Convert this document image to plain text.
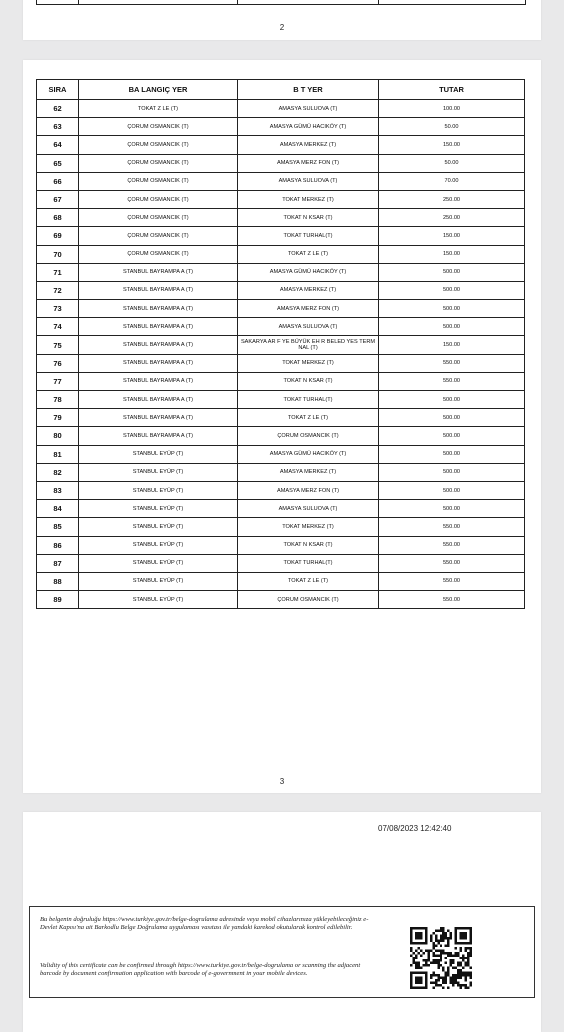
2
SIRA	BA LANGIÇ YER	B T YER	TUTAR
62	TOKAT Z LE (T)	AMASYA SULUOVA (T)	100.00
63	ÇORUM OSMANCIK (T)	AMASYA GÜMÜ HACIKÖY (T)	50.00
64	ÇORUM OSMANCIK (T)	AMASYA MERKEZ (T)	150.00
65	ÇORUM OSMANCIK (T)	AMASYA MERZ FON (T)	50.00
66	ÇORUM OSMANCIK (T)	AMASYA SULUOVA (T)	70.00
67	ÇORUM OSMANCIK (T)	TOKAT MERKEZ (T)	250.00
68	ÇORUM OSMANCIK (T)	TOKAT N KSAR (T)	250.00
69	ÇORUM OSMANCIK (T)	TOKAT TURHAL(T)	150.00
70	ÇORUM OSMANCIK (T)	TOKAT Z LE (T)	150.00
71	STANBUL BAYRAMPA A (T)	AMASYA GÜMÜ HACIKÖY (T)	500.00
72	STANBUL BAYRAMPA A (T)	AMASYA MERKEZ (T)	500.00
73	STANBUL BAYRAMPA A (T)	AMASYA MERZ FON (T)	500.00
74	STANBUL BAYRAMPA A (T)	AMASYA SULUOVA (T)	500.00
75	STANBUL BAYRAMPA A (T)	SAKARYA AR F YE BÜYÜK EH R BELED YES TERM NAL (T)	150.00
76	STANBUL BAYRAMPA A (T)	TOKAT MERKEZ (T)	550.00
77	STANBUL BAYRAMPA A (T)	TOKAT N KSAR (T)	550.00
78	STANBUL BAYRAMPA A (T)	TOKAT TURHAL(T)	500.00
79	STANBUL BAYRAMPA A (T)	TOKAT Z LE (T)	500.00
80	STANBUL BAYRAMPA A (T)	ÇORUM OSMANCIK (T)	500.00
81	STANBUL EYÜP (T)	AMASYA GÜMÜ HACIKÖY (T)	500.00
82	STANBUL EYÜP (T)	AMASYA MERKEZ (T)	500.00
83	STANBUL EYÜP (T)	AMASYA MERZ FON (T)	500.00
84	STANBUL EYÜP (T)	AMASYA SULUOVA (T)	500.00
85	STANBUL EYÜP (T)	TOKAT MERKEZ (T)	550.00
86	STANBUL EYÜP (T)	TOKAT N KSAR (T)	550.00
87	STANBUL EYÜP (T)	TOKAT TURHAL(T)	550.00
88	STANBUL EYÜP (T)	TOKAT Z LE (T)	550.00
89	STANBUL EYÜP (T)	ÇORUM OSMANCIK (T)	550.00
3
07/08/2023 12:42:40
Bu belgenin doğruluğu https://www.turkiye.gov.tr/belge-dogrulama adresinde veya mobil cihazlarınıza yükleyebileceğiniz e-Devlet Kapısı'na ait Barkodlu Belge Doğrulama uygulaması vasıtası ile yandaki karekod okutularak kontrol edilebilir.
Validity of this certificate can be confirmed through https://www.turkiye.gov.tr/belge-dogrulama or scanning the adjacent barcode by document confirmation application with barcode of e-government in your mobile devices.
